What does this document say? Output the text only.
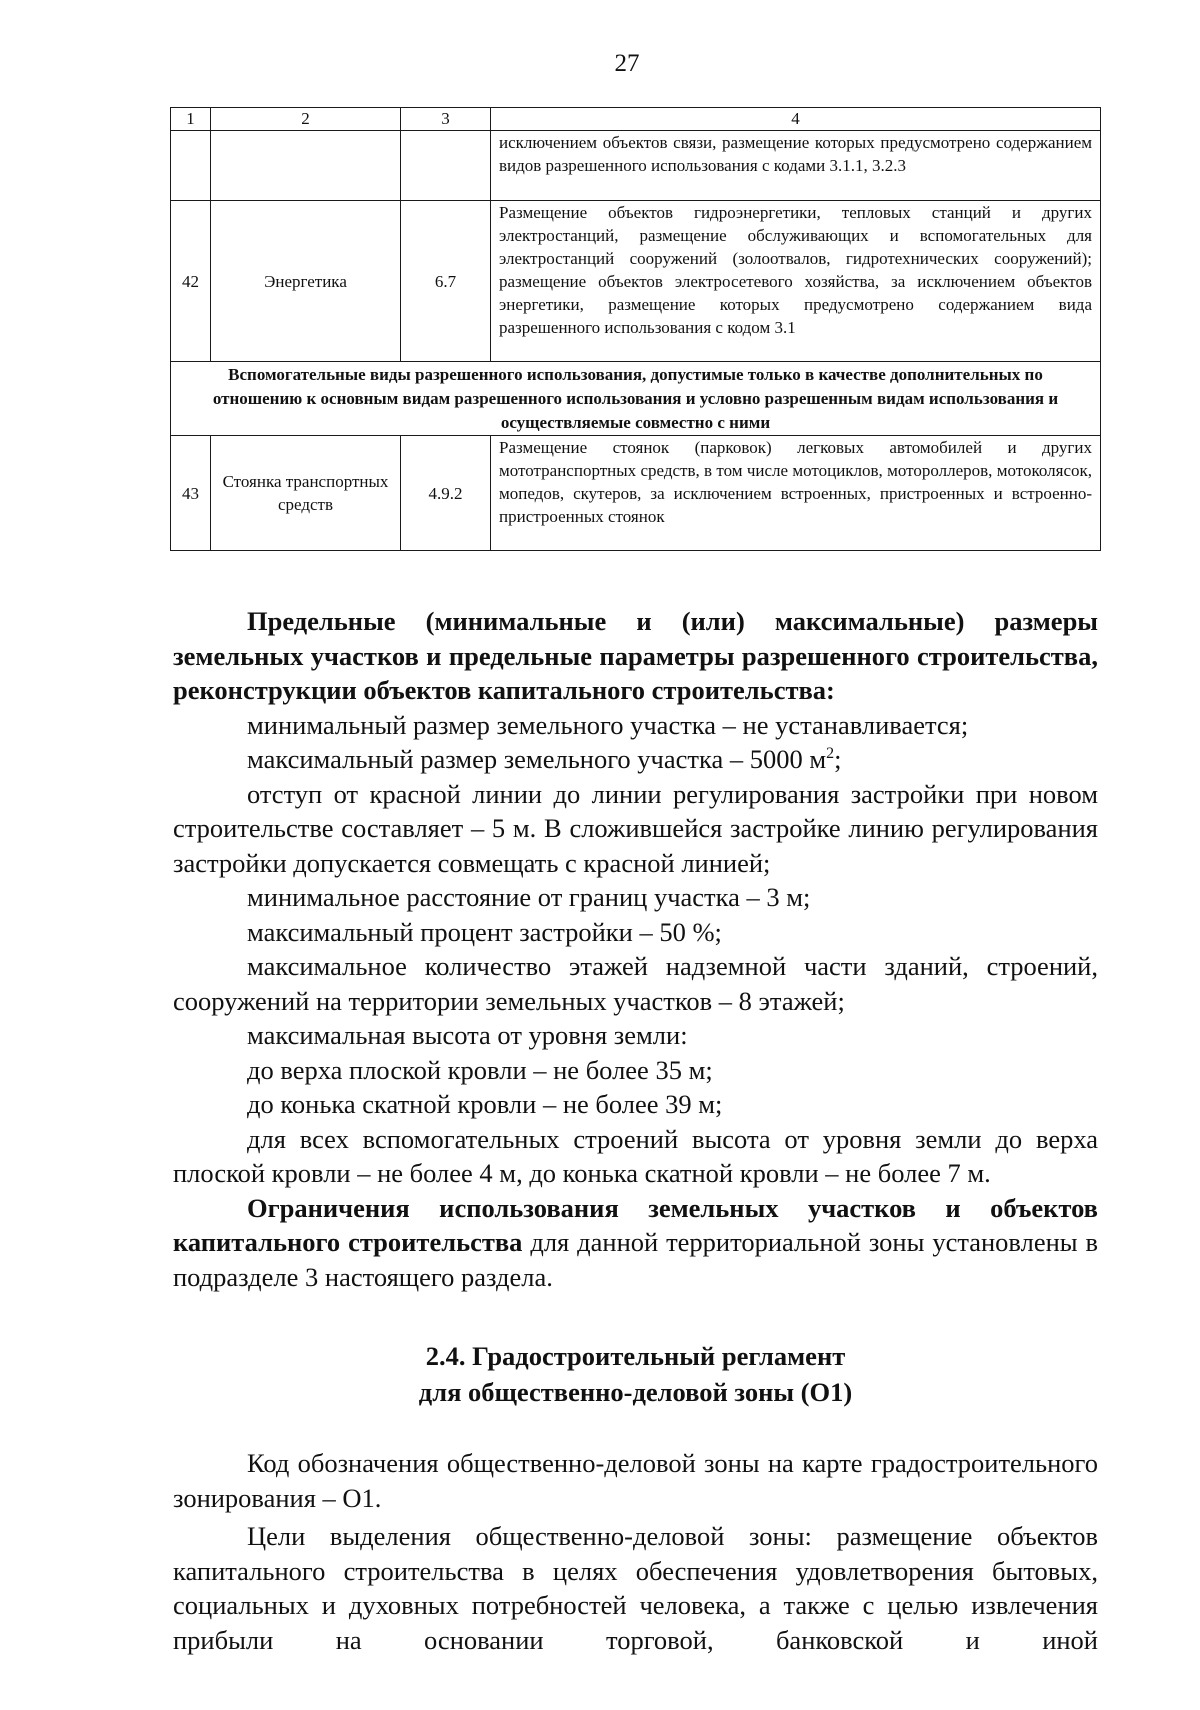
27
1	2	3	4
			исключением объектов связи, размещение которых предусмотрено содержанием видов разрешенного использования с кодами 3.1.1, 3.2.3
42	Энергетика	6.7	Размещение объектов гидроэнергетики, тепловых станций и других электростанций, размещение обслуживающих и вспомогательных для электростанций сооружений (золоотвалов, гидротехнических сооружений); размещение объектов электросетевого хозяйства, за исключением объектов энергетики, размещение которых предусмотрено содержанием вида разрешенного использования с кодом 3.1
Вспомогательные виды разрешенного использования, допустимые только в качестве дополнительных по отношению к основным видам разрешенного использования и условно разрешенным видам использования и осуществляемые совместно с ними			
43	Стоянка транспортных средств	4.9.2	Размещение стоянок (парковок) легковых автомобилей и других мототранспортных средств, в том числе мотоциклов, мотороллеров, мотоколясок, мопедов, скутеров, за исключением встроенных, пристроенных и встроенно-пристроенных стоянок

Предельные (минимальные и (или) максимальные) размеры земельных участков и предельные параметры разрешенного строительства, реконструкции объектов капитального строительства:

минимальный размер земельного участка – не устанавливается;

максимальный размер земельного участка – 5000 $м^2$;

отступ от красной линии до линии регулирования застройки при новом строительстве составляет – 5 м. В сложившейся застройке линию регулирования застройки допускается совмещать с красной линией;

минимальное расстояние от границ участка – 3 м;

максимальный процент застройки – 50 %;

максимальное количество этажей надземной части зданий, строений, сооружений на территории земельных участков – 8 этажей;

максимальная высота от уровня земли:

до верха плоской кровли – не более 35 м;

до конька скатной кровли – не более 39 м;

для всех вспомогательных строений высота от уровня земли до верха плоской кровли – не более 4 м, до конька скатной кровли – не более 7 м.

Ограничения использования земельных участков и объектов капитального строительства для данной территориальной зоны установлены в подразделе 3 настоящего раздела.

2.4. Градостроительный регламент
для общественно-деловой зоны (О1)

Код обозначения общественно-деловой зоны на карте градостроительного зонирования – О1.

Цели выделения общественно-деловой зоны: размещение объектов капитального строительства в целях обеспечения удовлетворения бытовых, социальных и духовных потребностей человека, а также с целью извлечения прибыли на основании торговой, банковской и иной
